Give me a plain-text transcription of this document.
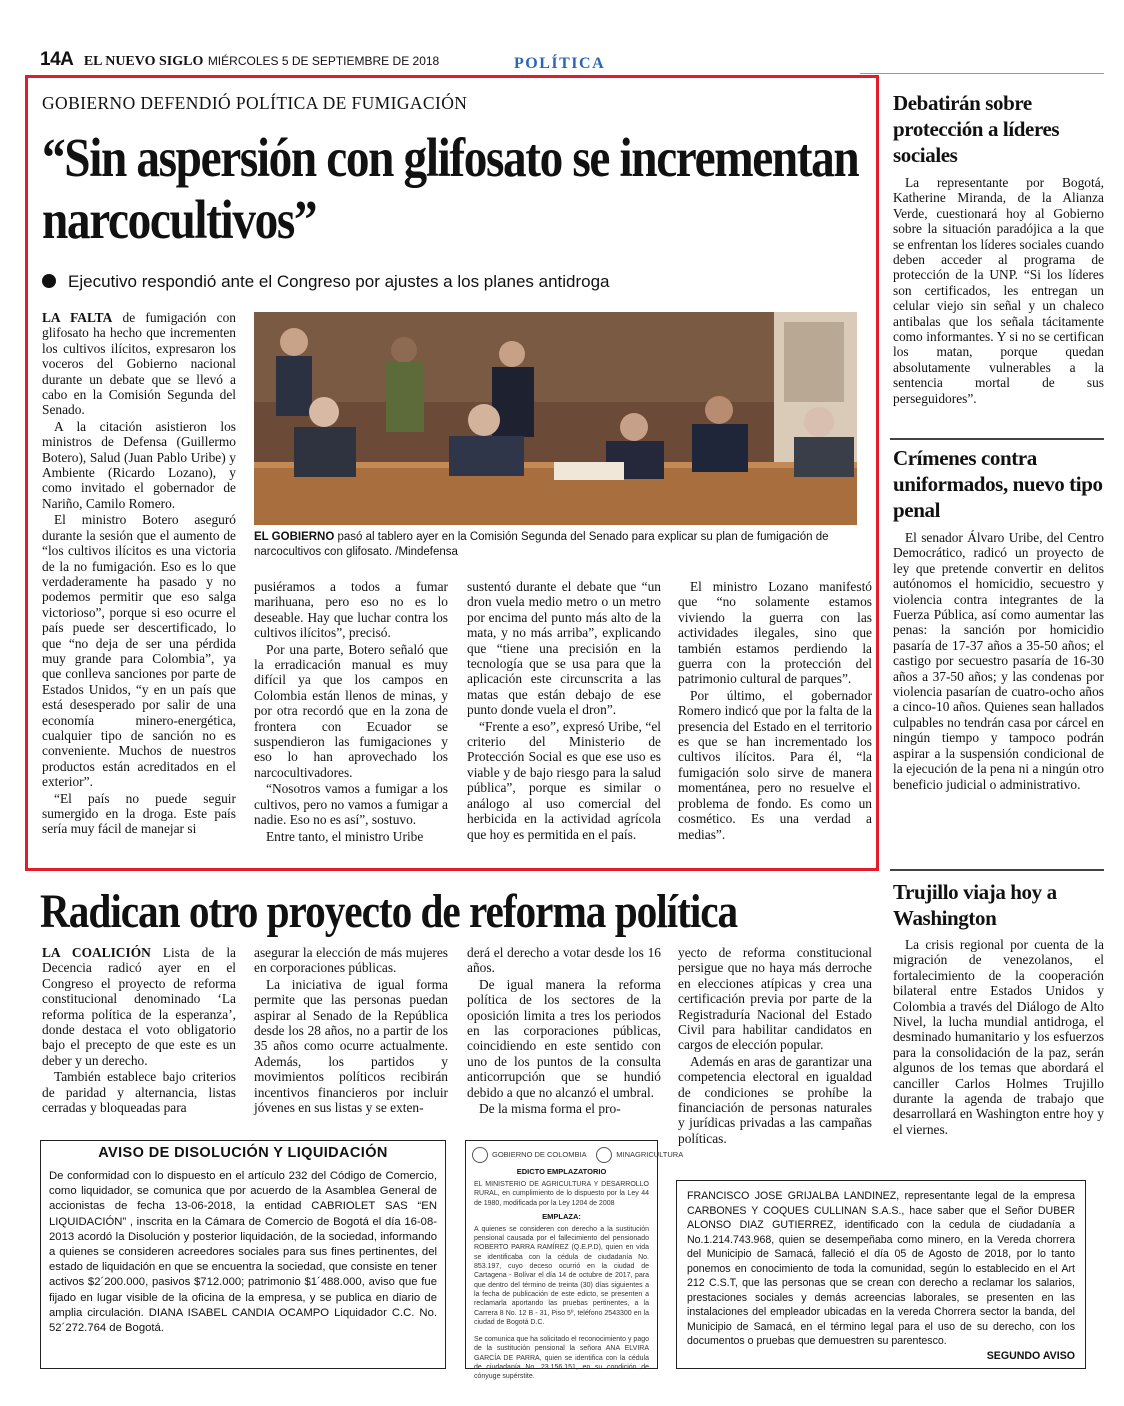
14A EL NUEVO SIGLO MIÉRCOLES 5 DE SEPTIEMBRE DE 2018	POLÍTICA
GOBIERNO DEFENDIÓ POLÍTICA DE FUMIGACIÓN
“Sin aspersión con glifosato se incrementan narcocultivos”
Ejecutivo respondió ante el Congreso por ajustes a los planes antidroga

LA FALTA de fumigación con glifosato ha hecho que incrementen los cultivos ilícitos, expresaron los voceros del Gobierno nacional durante un debate que se llevó a cabo en la Comisión Segunda del Senado.

A la citación asistieron los ministros de Defensa (Guillermo Botero), Salud (Juan Pablo Uribe) y Ambiente (Ricardo Lozano), y como invitado el gobernador de Nariño, Camilo Romero.

El ministro Botero aseguró durante la sesión que el aumento de “los cultivos ilícitos es una victoria de la no fumigación. Eso es lo que verdaderamente ha pasado y no podemos permitir que eso salga victorioso”, porque si eso ocurre el país puede ser descertificado, lo que “no deja de ser una pérdida muy grande para Colombia”, ya que conlleva sanciones por parte de Estados Unidos, “y en un país que está desesperado por salir de una economía minero-energética, cualquier tipo de sanción no es conveniente. Muchos de nuestros productos están acreditados en el exterior”.

“El país no puede seguir sumergido en la droga. Este país sería muy fácil de manejar si

EL GOBIERNO pasó al tablero ayer en la Comisión Segunda del Senado para explicar su plan de fumigación de narcocultivos con glifosato. /Mindefensa

pusiéramos a todos a fumar marihuana, pero eso no es lo deseable. Hay que luchar contra los cultivos ilícitos”, precisó.

Por una parte, Botero señaló que la erradicación manual es muy difícil ya que los campos en Colombia están llenos de minas, y por otra recordó que en la zona de frontera con Ecuador se suspendieron las fumigaciones y eso lo han aprovechado los narcocultivadores.

“Nosotros vamos a fumigar a los cultivos, pero no vamos a fumigar a nadie. Eso no es así”, sostuvo.

Entre tanto, el ministro Uribe

sustentó durante el debate que “un dron vuela medio metro o un metro por encima del punto más alto de la mata, y no más arriba”, explicando que “tiene una precisión en la tecnología que se usa para que la aplicación este circunscrita a las matas que están debajo de ese punto donde vuela el dron”.

“Frente a eso”, expresó Uribe, “el criterio del Ministerio de Protección Social es que ese uso es viable y de bajo riesgo para la salud pública”, porque es similar o análogo al uso comercial del herbicida en la actividad agrícola que hoy es permitida en el país.

El ministro Lozano manifestó que “no solamente estamos viviendo la guerra con las actividades ilegales, sino que también estamos perdiendo la guerra con la protección del patrimonio cultural de parques”.

Por último, el gobernador Romero indicó que por la falta de la presencia del Estado en el territorio es que se han incrementado los cultivos ilícitos. Para él, “la fumigación solo sirve de manera momentánea, pero no resuelve el problema de fondo. Es como un cosmético. Es una verdad a medias”.

Debatirán sobre protección a líderes sociales

La representante por Bogotá, Katherine Miranda, de la Alianza Verde, cuestionará hoy al Gobierno sobre la situación paradójica a la que se enfrentan los líderes sociales cuando deben acceder al programa de protección de la UNP. “Si los líderes son certificados, les entregan un celular viejo sin señal y un chaleco antibalas que los señala tácitamente como informantes. Y si no se certifican los matan, porque quedan absolutamente vulnerables a la sentencia mortal de sus perseguidores”.

Crímenes contra uniformados, nuevo tipo penal

El senador Álvaro Uribe, del Centro Democrático, radicó un proyecto de ley que pretende convertir en delitos autónomos el homicidio, secuestro y violencia contra integrantes de la Fuerza Pública, así como aumentar las penas: la sanción por homicidio pasaría de 17-37 años a 35-50 años; el castigo por secuestro pasaría de 16-30 años a 37-50 años; y las condenas por violencia pasarían de cuatro-ocho años a cinco-10 años. Quienes sean hallados culpables no tendrán casa por cárcel en ningún tiempo y tampoco podrán aspirar a la suspensión condicional de la ejecución de la pena ni a ningún otro beneficio judicial o administrativo.

Trujillo viaja hoy a Washington

La crisis regional por cuenta de la migración de venezolanos, el fortalecimiento de la cooperación bilateral entre Estados Unidos y Colombia a través del Diálogo de Alto Nivel, la lucha mundial antidroga, el desminado humanitario y los esfuerzos para la consolidación de la paz, serán algunos de los temas que abordará el canciller Carlos Holmes Trujillo durante la agenda de trabajo que desarrollará en Washington entre hoy y el viernes.

Radican otro proyecto de reforma política

LA COALICIÓN Lista de la Decencia radicó ayer en el Congreso el proyecto de reforma constitucional denominado ‘La reforma política de la esperanza’, donde destaca el voto obligatorio bajo el precepto de que este es un deber y un derecho.

También establece bajo criterios de paridad y alternancia, listas cerradas y bloqueadas para

asegurar la elección de más mujeres en corporaciones públicas.

La iniciativa de igual forma permite que las personas puedan aspirar al Senado de la República desde los 28 años, no a partir de los 35 años como ocurre actualmente. Además, los partidos y movimientos políticos recibirán incentivos financieros por incluir jóvenes en sus listas y se exten-

derá el derecho a votar desde los 16 años.

De igual manera la reforma política de los sectores de la oposición limita a tres los periodos en las corporaciones públicas, coincidiendo en este sentido con uno de los puntos de la consulta anticorrupción que se hundió debido a que no alcanzó el umbral.

De la misma forma el pro-

yecto de reforma constitucional persigue que no haya más derroche en elecciones atípicas y crea una certificación previa por parte de la Registraduría Nacional del Estado Civil para habilitar candidatos en cargos de elección popular.

Además en aras de garantizar una competencia electoral en igualdad de condiciones se prohíbe la financiación de personas naturales y jurídicas privadas a las campañas políticas.

AVISO DE DISOLUCIÓN Y LIQUIDACIÓN
De conformidad con lo dispuesto en el artículo 232 del Código de Comercio, como liquidador, se comunica que por acuerdo de la Asamblea General de accionistas de fecha 13-06-2018, la entidad CABRIOLET SAS “EN LIQUIDACIÓN” , inscrita en la Cámara de Comercio de Bogotá el día 16-08-2013 acordó la Disolución y posterior liquidación, de la sociedad, informando a quienes se consideren acreedores sociales para sus fines pertinentes, del estado de liquidación en que se encuentra la sociedad, que consiste en tener activos $2´200.000, pasivos $712.000; patrimonio $1´488.000, aviso que fue fijado en lugar visible de la oficina de la empresa, y se publica en diario de amplia circulación. DIANA ISABEL CANDIA OCAMPO Liquidador C.C. No. 52´272.764 de Bogotá.
GOBIERNO DE COLOMBIA	MINAGRICULTURA
EDICTO EMPLAZATORIO
EL MINISTERIO DE AGRICULTURA Y DESARROLLO RURAL, en cumplimiento de lo dispuesto por la Ley 44 de 1980, modificada por la Ley 1204 de 2008
EMPLAZA:
A quienes se consideren con derecho a la sustitución pensional causada por el fallecimiento del pensionado ROBERTO PARRA RAMÍREZ (Q.E.P.D), quien en vida se identificaba con la cédula de ciudadanía No. 853.197, cuyo deceso ocurrió en la ciudad de Cartagena - Bolívar el día 14 de octubre de 2017, para que dentro del término de treinta (30) días siguientes a la fecha de publicación de este edicto, se presenten a reclamarla aportando las pruebas pertinentes, a la Carrera 8 No. 12 B - 31, Piso 5º, teléfono 2543300 en la ciudad de Bogotá D.C.
Se comunica que ha solicitado el reconocimiento y pago de la sustitución pensional la señora ANA ELVIRA GARCÍA DE PARRA, quien se identifica con la cédula de ciudadanía No. 23.156.151, en su condición de cónyuge supérstite.
FRANCISCO JOSE GRIJALBA LANDINEZ, representante legal de la empresa CARBONES Y COQUES CULLINAN S.A.S., hace saber que el Señor DUBER ALONSO DIAZ GUTIERREZ, identificado con la cedula de ciudadanía a No.1.214.743.968, quien se desempeñaba como minero, en la Vereda chorrera del Municipio de Samacá, falleció el día 05 de Agosto de 2018, por lo tanto ponemos en conocimiento de toda la comunidad, según lo establecido en el Art 212 C.S.T, que las personas que se crean con derecho a reclamar los salarios, prestaciones sociales y demás acreencias laborales, se presenten en las instalaciones del empleador ubicadas en la vereda Chorrera sector la banda, del Municipio de Samacá, en el término legal para el uso de su derecho, con los documentos o pruebas que demuestren su parentesco.
SEGUNDO AVISO
